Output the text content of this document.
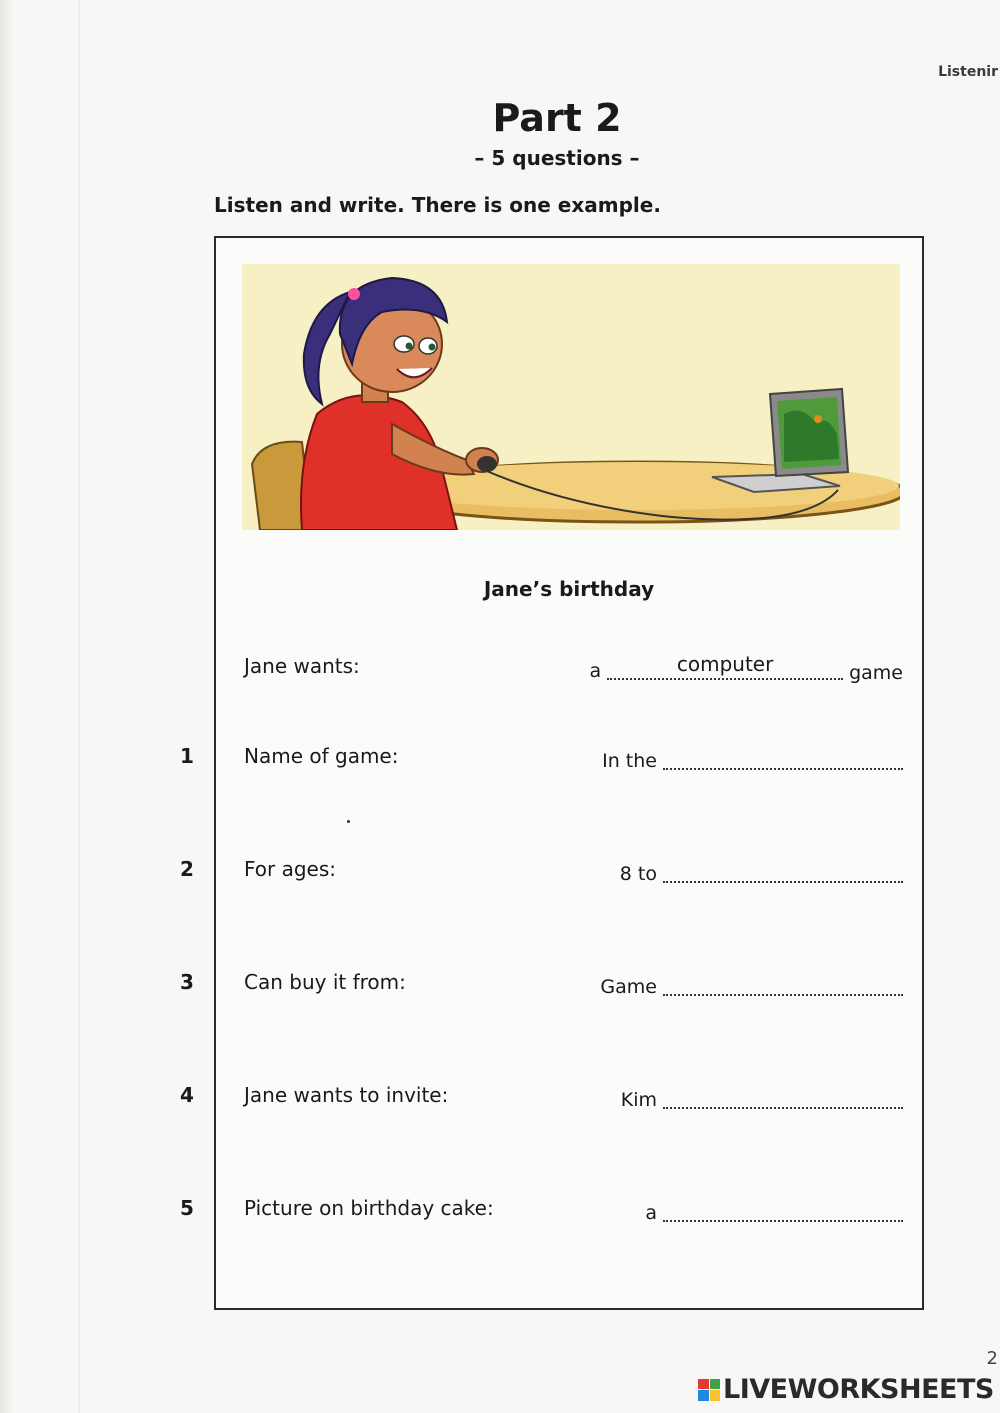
Listenir
Part 2
– 5 questions –
Listen and write. There is one example.
Jane’s birthday
Jane wants:	a	computer	game
1	Name of game:	In the
2	For ages:	8 to
3	Can buy it from:	Game
4	Jane wants to invite:	Kim
5	Picture on birthday cake:	a
2
LIVEWORKSHEETS
